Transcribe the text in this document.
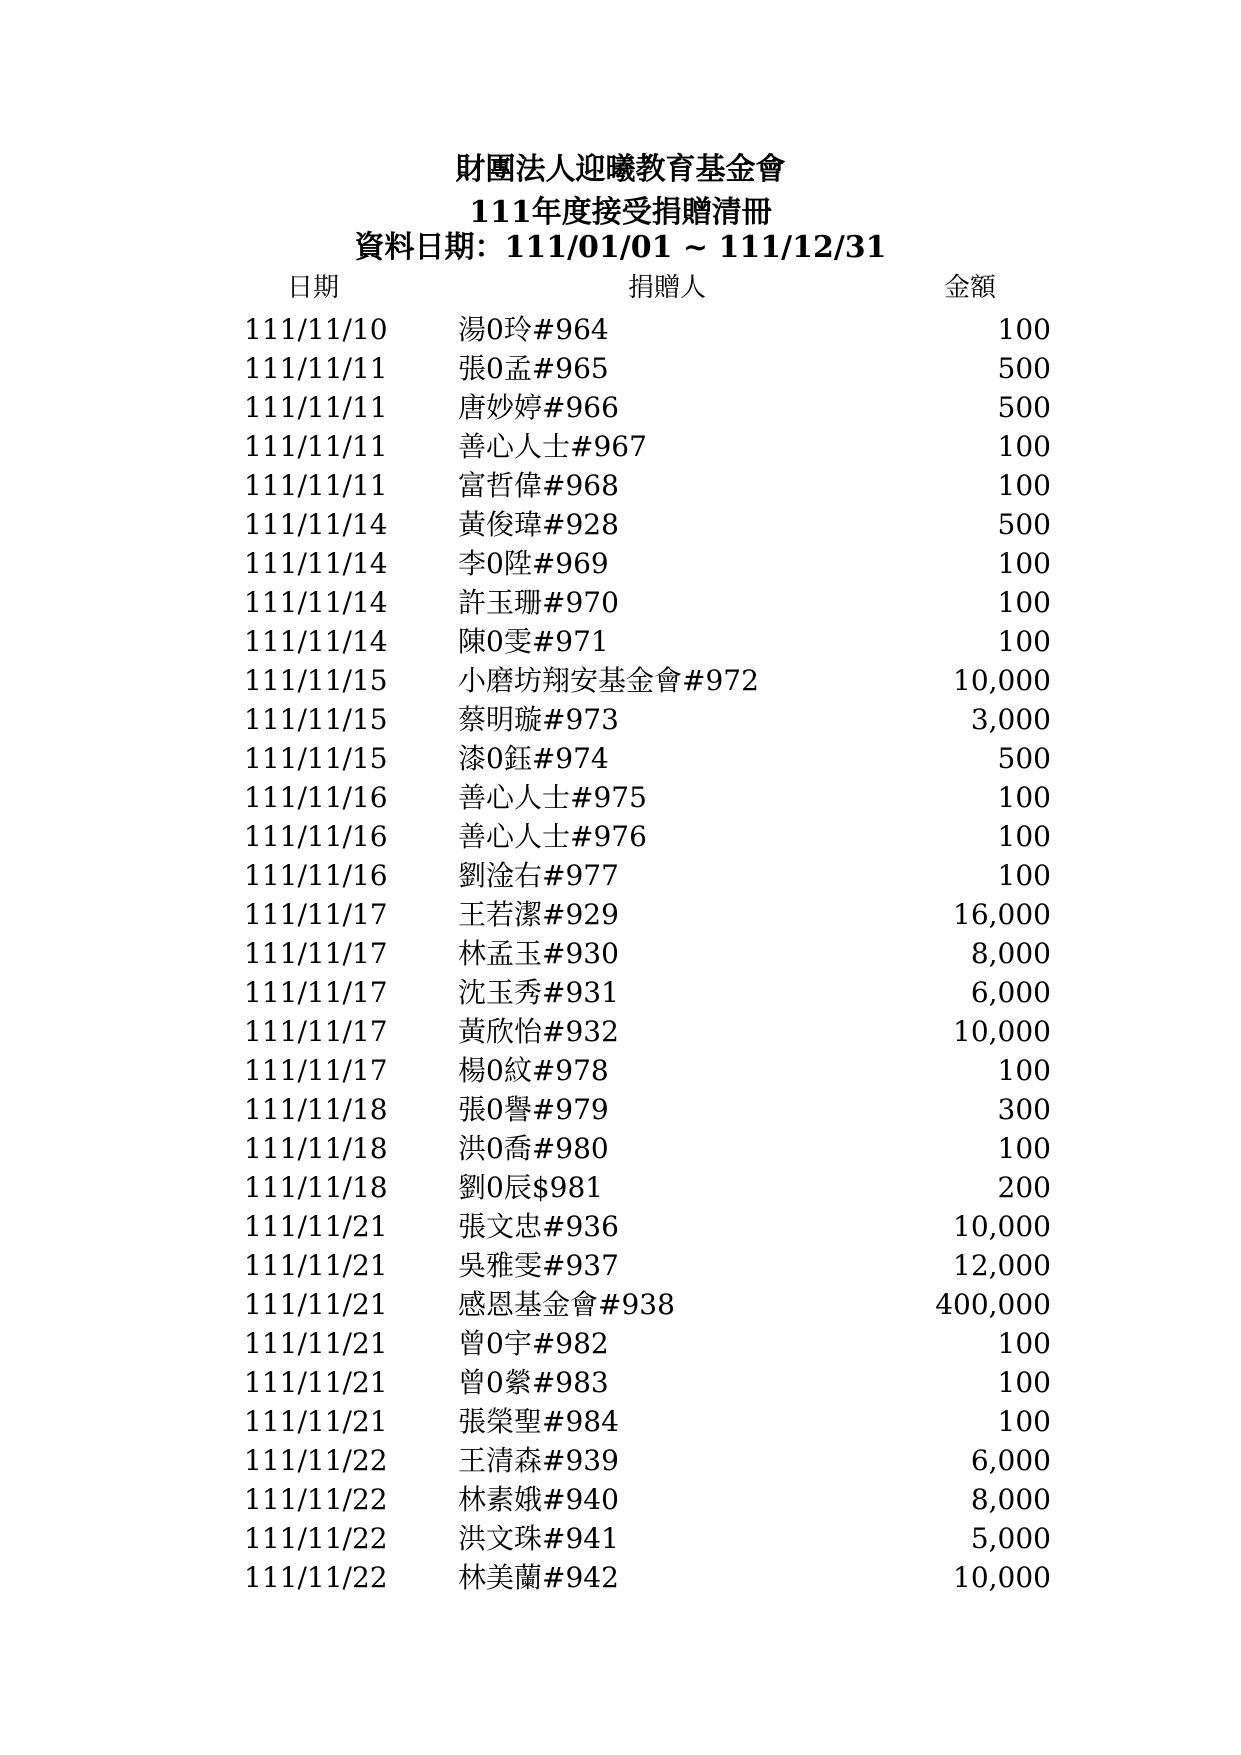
財團法人迎曦教育基金會
111年度接受捐贈清冊
資料日期：111/01/01 ~ 111/12/31
日期	捐贈人	金額
111/11/10	湯0玲#964	100
111/11/11	張0孟#965	500
111/11/11	唐妙婷#966	500
111/11/11	善心人士#967	100
111/11/11	富哲偉#968	100
111/11/14	黃俊瑋#928	500
111/11/14	李0陞#969	100
111/11/14	許玉珊#970	100
111/11/14	陳0雯#971	100
111/11/15	小磨坊翔安基金會#972	10,000
111/11/15	蔡明璇#973	3,000
111/11/15	漆0鈺#974	500
111/11/16	善心人士#975	100
111/11/16	善心人士#976	100
111/11/16	劉淦右#977	100
111/11/17	王若潔#929	16,000
111/11/17	林孟玉#930	8,000
111/11/17	沈玉秀#931	6,000
111/11/17	黃欣怡#932	10,000
111/11/17	楊0紋#978	100
111/11/18	張0譽#979	300
111/11/18	洪0喬#980	100
111/11/18	劉0辰$981	200
111/11/21	張文忠#936	10,000
111/11/21	吳雅雯#937	12,000
111/11/21	感恩基金會#938	400,000
111/11/21	曾0宇#982	100
111/11/21	曾0縈#983	100
111/11/21	張榮聖#984	100
111/11/22	王清森#939	6,000
111/11/22	林素娥#940	8,000
111/11/22	洪文珠#941	5,000
111/11/22	林美蘭#942	10,000
